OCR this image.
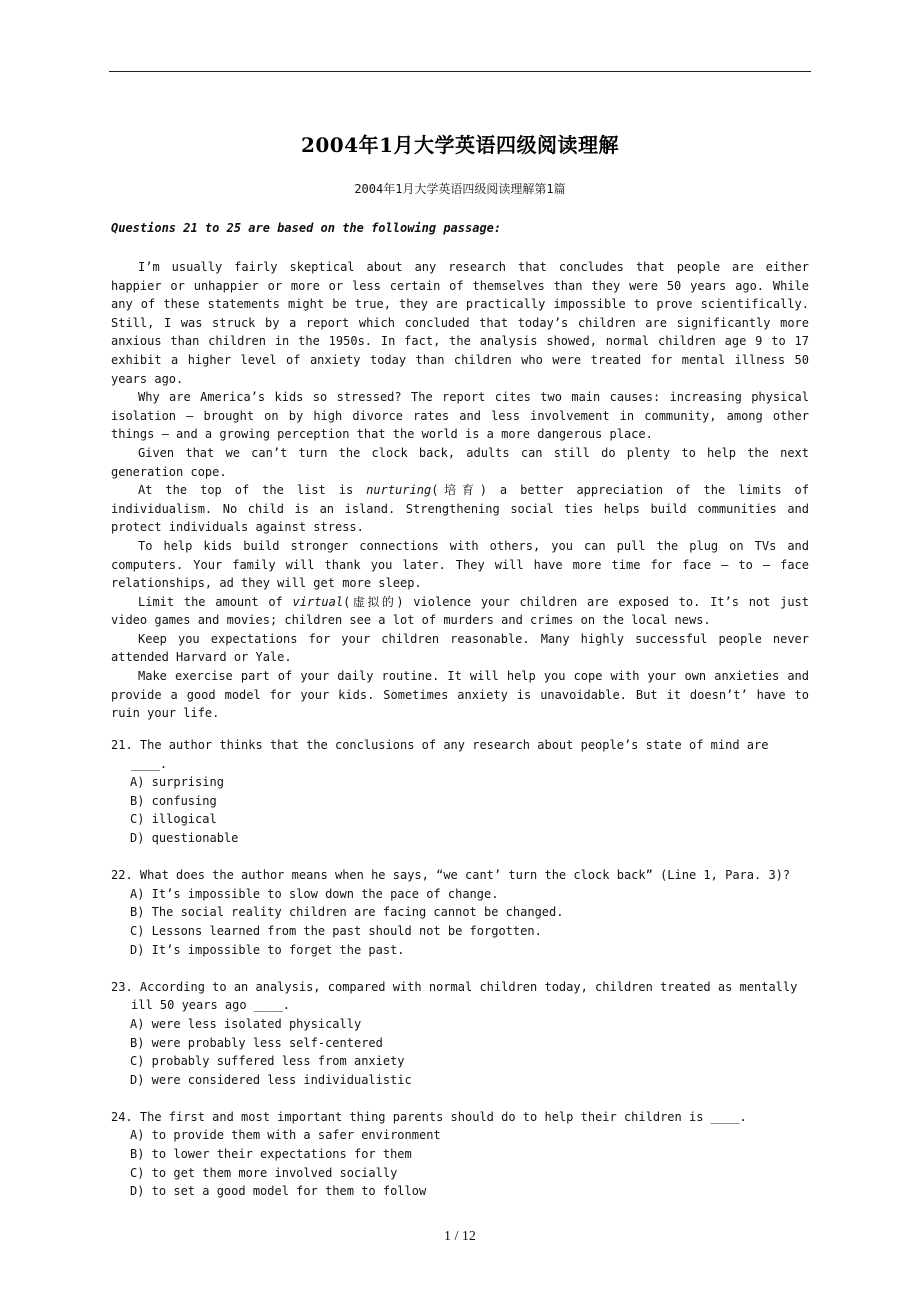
2004年1月大学英语四级阅读理解
2004年1月大学英语四级阅读理解第1篇
Questions 21 to 25 are based on the following passage:

I’m usually fairly skeptical about any research that concludes that people are either happier or unhappier or more or less certain of themselves than they were 50 years ago. While any of these statements might be true, they are practically impossible to prove scientifically. Still, I was struck by a report which concluded that today’s children are significantly more anxious than children in the 1950s. In fact, the analysis showed, normal children age 9 to 17 exhibit a higher level of anxiety today than children who were treated for mental illness 50 years ago.

Why are America’s kids so stressed? The report cites two main causes: increasing physical isolation – brought on by high divorce rates and less involvement in community, among other things – and a growing perception that the world is a more dangerous place.

Given that we can’t turn the clock back, adults can still do plenty to help the next generation cope.

At the top of the list is nurturing(培育) a better appreciation of the limits of individualism. No child is an island. Strengthening social ties helps build communities and protect individuals against stress.

To help kids build stronger connections with others, you can pull the plug on TVs and computers. Your family will thank you later. They will have more time for face – to – face relationships, ad they will get more sleep.

Limit the amount of virtual(虚拟的) violence your children are exposed to. It’s not just video games and movies; children see a lot of murders and crimes on the local news.

Keep you expectations for your children reasonable. Many highly successful people never attended Harvard or Yale.

Make exercise part of your daily routine. It will help you cope with your own anxieties and provide a good model for your kids. Sometimes anxiety is unavoidable. But it doesn’t’ have to ruin your life.

21. The author thinks that the conclusions of any research about people’s state of mind are ____.
A) surprising
B) confusing
C) illogical
D) questionable
22. What does the author means when he says, “we cant’ turn the clock back” (Line 1, Para. 3)?
A) It’s impossible to slow down the pace of change.
B) The social reality children are facing cannot be changed.
C) Lessons learned from the past should not be forgotten.
D) It’s impossible to forget the past.
23. According to an analysis, compared with normal children today, children treated as mentally ill 50 years ago ____.
A) were less isolated physically
B) were probably less self-centered
C) probably suffered less from anxiety
D) were considered less individualistic
24. The first and most important thing parents should do to help their children is ____.
A) to provide them with a safer environment
B) to lower their expectations for them
C) to get them more involved socially
D) to set a good model for them to follow
1 / 12
